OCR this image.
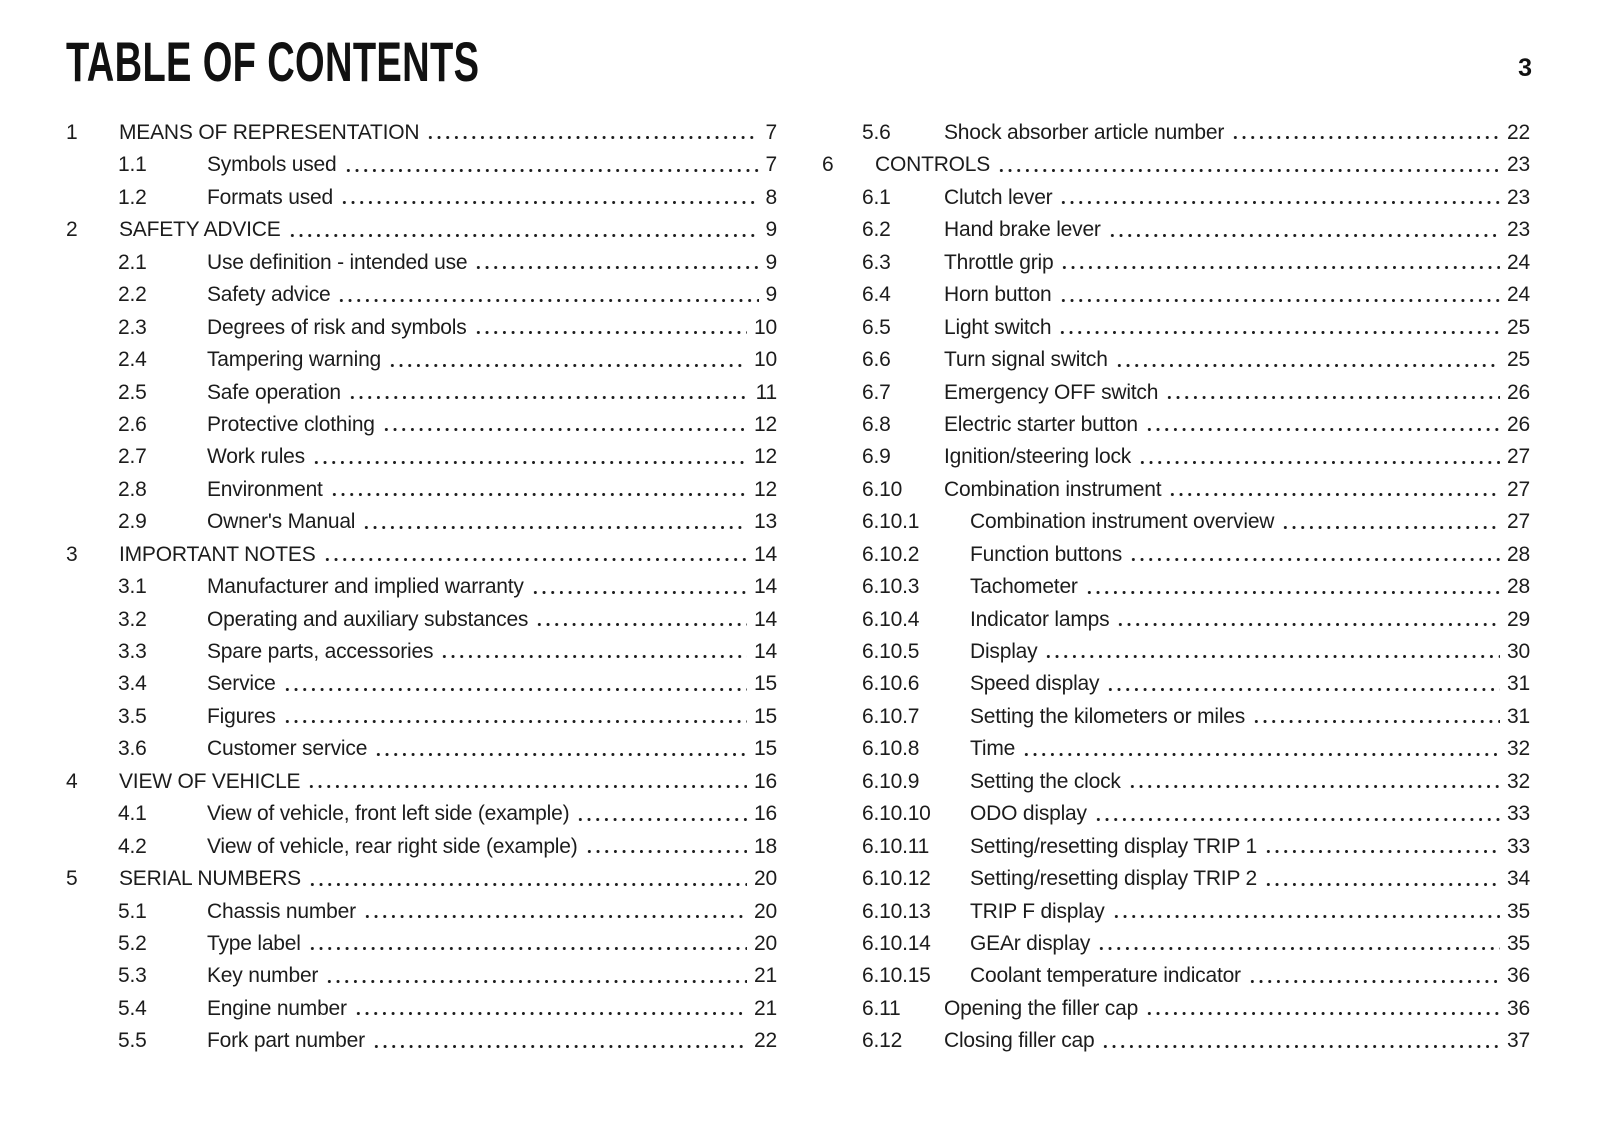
TABLE OF CONTENTS	3
1	MEANS OF REPRESENTATION	7
1.1	Symbols used	7
1.2	Formats used	8
2	SAFETY ADVICE	9
2.1	Use definition - intended use	9
2.2	Safety advice	9
2.3	Degrees of risk and symbols	10
2.4	Tampering warning	10
2.5	Safe operation	11
2.6	Protective clothing	12
2.7	Work rules	12
2.8	Environment	12
2.9	Owner's Manual	13
3	IMPORTANT NOTES	14
3.1	Manufacturer and implied warranty	14
3.2	Operating and auxiliary substances	14
3.3	Spare parts, accessories	14
3.4	Service	15
3.5	Figures	15
3.6	Customer service	15
4	VIEW OF VEHICLE	16
4.1	View of vehicle, front left side (example)	16
4.2	View of vehicle, rear right side (example)	18
5	SERIAL NUMBERS	20
5.1	Chassis number	20
5.2	Type label	20
5.3	Key number	21
5.4	Engine number	21
5.5	Fork part number	22
5.6	Shock absorber article number	22
6	CONTROLS	23
6.1	Clutch lever	23
6.2	Hand brake lever	23
6.3	Throttle grip	24
6.4	Horn button	24
6.5	Light switch	25
6.6	Turn signal switch	25
6.7	Emergency OFF switch	26
6.8	Electric starter button	26
6.9	Ignition/steering lock	27
6.10	Combination instrument	27
6.10.1	Combination instrument overview	27
6.10.2	Function buttons	28
6.10.3	Tachometer	28
6.10.4	Indicator lamps	29
6.10.5	Display	30
6.10.6	Speed display	31
6.10.7	Setting the kilometers or miles	31
6.10.8	Time	32
6.10.9	Setting the clock	32
6.10.10	ODO display	33
6.10.11	Setting/resetting display TRIP 1	33
6.10.12	Setting/resetting display TRIP 2	34
6.10.13	TRIP F display	35
6.10.14	GEAr display	35
6.10.15	Coolant temperature indicator	36
6.11	Opening the filler cap	36
6.12	Closing filler cap	37
